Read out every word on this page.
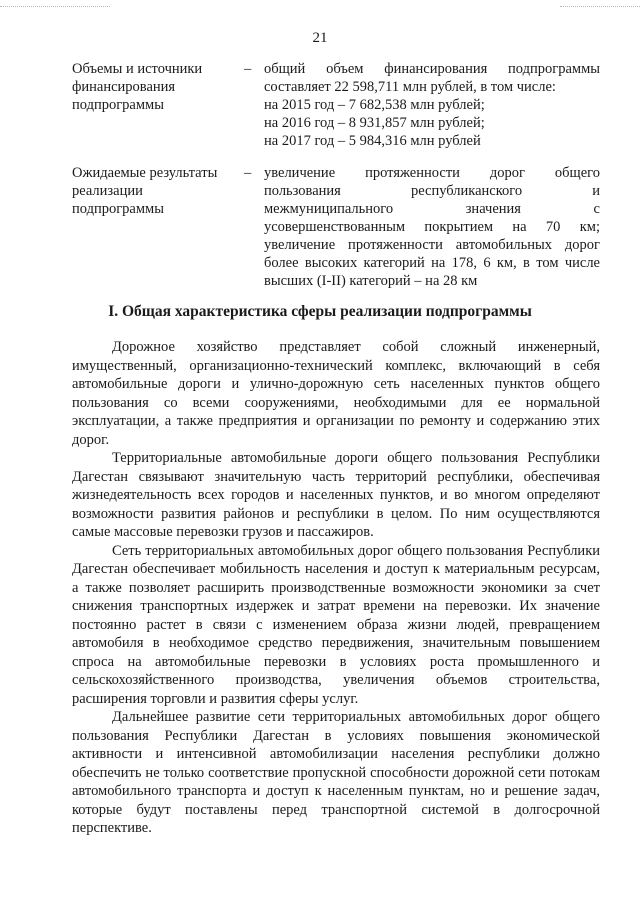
21
Объемы и источники
финансирования
подпрограммы
– общий объем финансирования подпрограммы
составляет 22 598,711 млн рублей, в том числе:
на 2015 год – 7 682,538 млн рублей;
на 2016 год – 8 931,857 млн рублей;
на 2017 год – 5 984,316 млн рублей
Ожидаемые результаты
реализации
подпрограммы
– увеличение протяженности дорог общего
пользования республиканского и
межмуниципального значения с
усовершенствованным покрытием на 70 км;
увеличение протяженности автомобильных дорог
более высоких категорий на 178, 6 км, в том числе
высших (I-II) категорий – на 28 км
I. Общая характеристика сферы реализации подпрограммы

Дорожное хозяйство представляет собой сложный инженерный, имущественный, организационно-технический комплекс, включающий в себя автомобильные дороги и улично-дорожную сеть населенных пунктов общего пользования со всеми сооружениями, необходимыми для ее нормальной эксплуатации, а также предприятия и организации по ремонту и содержанию этих дорог.

Территориальные автомобильные дороги общего пользования Республики Дагестан связывают значительную часть территорий республики, обеспечивая жизнедеятельность всех городов и населенных пунктов, и во многом определяют возможности развития районов и республики в целом. По ним осуществляются самые массовые перевозки грузов и пассажиров.

Сеть территориальных автомобильных дорог общего пользования Республики Дагестан обеспечивает мобильность населения и доступ к материальным ресурсам, а также позволяет расширить производственные возможности экономики за счет снижения транспортных издержек и затрат времени на перевозки. Их значение постоянно растет в связи с изменением образа жизни людей, превращением автомобиля в необходимое средство передвижения, значительным повышением спроса на автомобильные перевозки в условиях роста промышленного и сельскохозяйственного производства, увеличения объемов строительства, расширения торговли и развития сферы услуг.

Дальнейшее развитие сети территориальных автомобильных дорог общего пользования Республики Дагестан в условиях повышения экономической активности и интенсивной автомобилизации населения республики должно обеспечить не только соответствие пропускной способности дорожной сети потокам автомобильного транспорта и доступ к населенным пунктам, но и решение задач, которые будут поставлены перед транспортной системой в долгосрочной перспективе.
